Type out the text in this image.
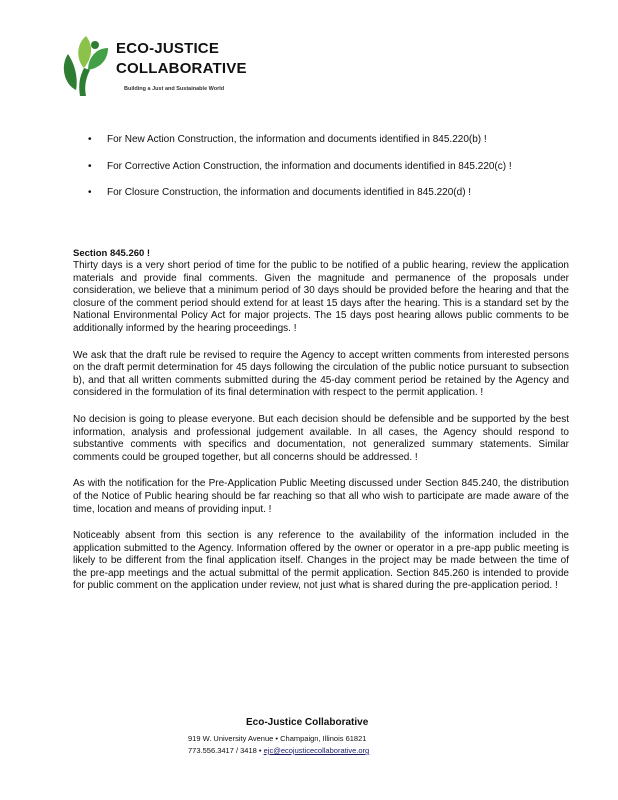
ECO-JUSTICE
COLLABORATIVE
Building a Just and Sustainable World
• For New Action Construction, the information and documents identified in 845.220(b) !
• For Corrective Action Construction, the information and documents identified in 845.220(c) !
• For Closure Construction, the information and documents identified in 845.220(d) !
Section 845.260 !

Thirty days is a very short period of time for the public to be notified of a public hearing, review the application materials and provide final comments. Given the magnitude and permanence of the proposals under consideration, we believe that a minimum period of 30 days should be provided before the hearing and that the closure of the comment period should extend for at least 15 days after the hearing. This is a standard set by the National Environmental Policy Act for major projects. The 15 days post hearing allows public comments to be additionally informed by the hearing proceedings. !

We ask that the draft rule be revised to require the Agency to accept written comments from interested persons on the draft permit determination for 45 days following the circulation of the public notice pursuant to subsection b), and that all written comments submitted during the 45-day comment period be retained by the Agency and considered in the formulation of its final determination with respect to the permit application. !

No decision is going to please everyone. But each decision should be defensible and be supported by the best information, analysis and professional judgement available. In all cases, the Agency should respond to substantive comments with specifics and documentation, not generalized summary statements. Similar comments could be grouped together, but all concerns should be addressed. !

As with the notification for the Pre-Application Public Meeting discussed under Section 845.240, the distribution of the Notice of Public hearing should be far reaching so that all who wish to participate are made aware of the time, location and means of providing input. !

Noticeably absent from this section is any reference to the availability of the information included in the application submitted to the Agency. Information offered by the owner or operator in a pre-app public meeting is likely to be different from the final application itself. Changes in the project may be made between the time of the pre-app meetings and the actual submittal of the permit application. Section 845.260 is intended to provide for public comment on the application under review, not just what is shared during the pre-application period. !

Eco-Justice Collaborative
919 W. University Avenue • Champaign, Illinois 61821
773.556.3417 / 3418 • ejc@ecojusticecollaborative.org
